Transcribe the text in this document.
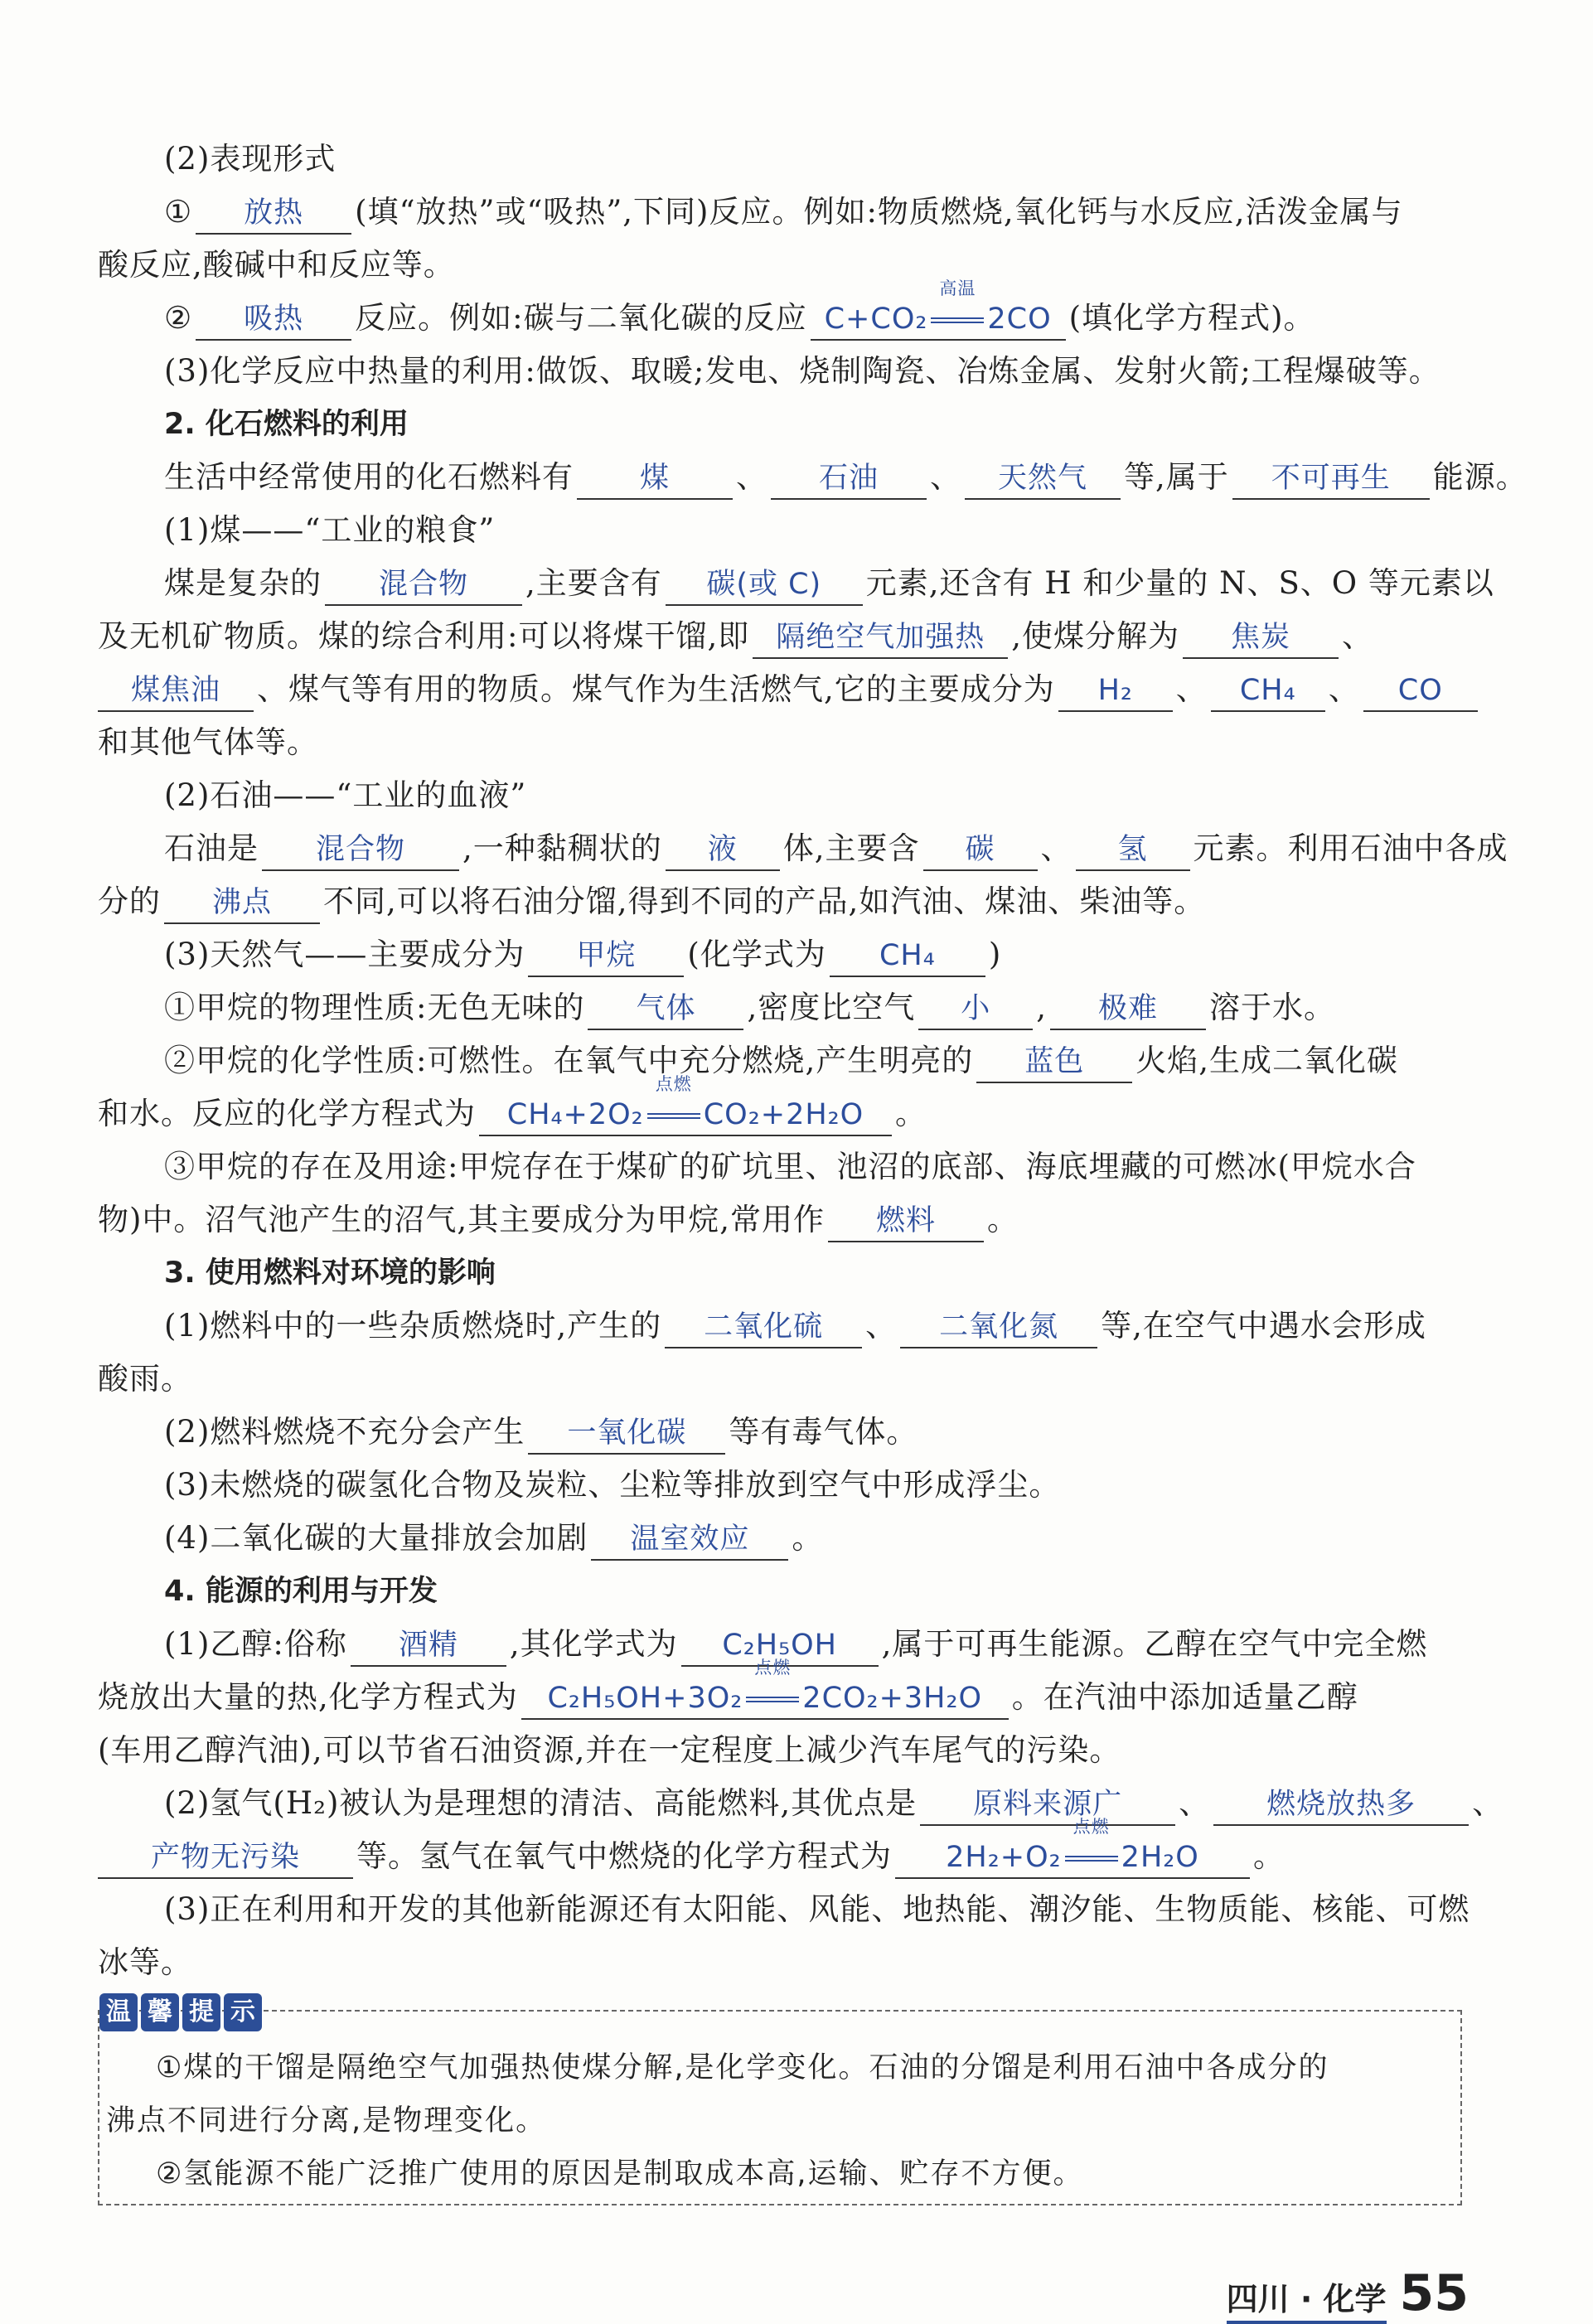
(2)表现形式
① 放热 (填“放热”或“吸热”,下同)反应。例如:物质燃烧,氧化钙与水反应,活泼金属与
酸反应,酸碱中和反应等。
② 吸热 反应。例如:碳与二氧化碳的反应 C+CO₂
高温
2CO (填化学方程式)。
(3)化学反应中热量的利用:做饭、取暖;发电、烧制陶瓷、冶炼金属、发射火箭;工程爆破等。
2. 化石燃料的利用
生活中经常使用的化石燃料有 煤 、 石油 、 天然气 等,属于 不可再生 能源。
(1)煤——“工业的粮食”
煤是复杂的 混合物 ,主要含有 碳(或 C) 元素,还含有 H 和少量的 N、S、O 等元素以
及无机矿物质。煤的综合利用:可以将煤干馏,即 隔绝空气加强热 ,使煤分解为 焦炭 、
煤焦油 、煤气等有用的物质。煤气作为生活燃气,它的主要成分为 H₂ 、 CH₄ 、 CO
和其他气体等。
(2)石油——“工业的血液”
石油是 混合物 ,一种黏稠状的 液 体,主要含 碳 、 氢 元素。利用石油中各成
分的 沸点 不同,可以将石油分馏,得到不同的产品,如汽油、煤油、柴油等。
(3)天然气——主要成分为 甲烷 (化学式为 CH₄ )
①甲烷的物理性质:无色无味的 气体 ,密度比空气 小 , 极难 溶于水。
②甲烷的化学性质:可燃性。在氧气中充分燃烧,产生明亮的 蓝色 火焰,生成二氧化碳
和水。反应的化学方程式为 CH₄+2O₂
点燃
CO₂+2H₂O 。
③甲烷的存在及用途:甲烷存在于煤矿的矿坑里、池沼的底部、海底埋藏的可燃冰(甲烷水合
物)中。沼气池产生的沼气,其主要成分为甲烷,常用作 燃料 。
3. 使用燃料对环境的影响
(1)燃料中的一些杂质燃烧时,产生的 二氧化硫 、 二氧化氮 等,在空气中遇水会形成
酸雨。
(2)燃料燃烧不充分会产生 一氧化碳 等有毒气体。
(3)未燃烧的碳氢化合物及炭粒、尘粒等排放到空气中形成浮尘。
(4)二氧化碳的大量排放会加剧 温室效应 。
4. 能源的利用与开发
(1)乙醇:俗称 酒精 ,其化学式为 C₂H₅OH ,属于可再生能源。乙醇在空气中完全燃
烧放出大量的热,化学方程式为 C₂H₅OH+3O₂
点燃
2CO₂+3H₂O 。在汽油中添加适量乙醇
(车用乙醇汽油),可以节省石油资源,并在一定程度上减少汽车尾气的污染。
(2)氢气(H₂)被认为是理想的清洁、高能燃料,其优点是 原料来源广 、 燃烧放热多 、
产物无污染 等。氢气在氧气中燃烧的化学方程式为 2H₂+O₂
点燃
2H₂O 。
(3)正在利用和开发的其他新能源还有太阳能、风能、地热能、潮汐能、生物质能、核能、可燃
冰等。
温 馨 提 示
①煤的干馏是隔绝空气加强热使煤分解,是化学变化。石油的分馏是利用石油中各成分的
沸点不同进行分离,是物理变化。
②氢能源不能广泛推广使用的原因是制取成本高,运输、贮存不方便。
四川 · 化学 55
